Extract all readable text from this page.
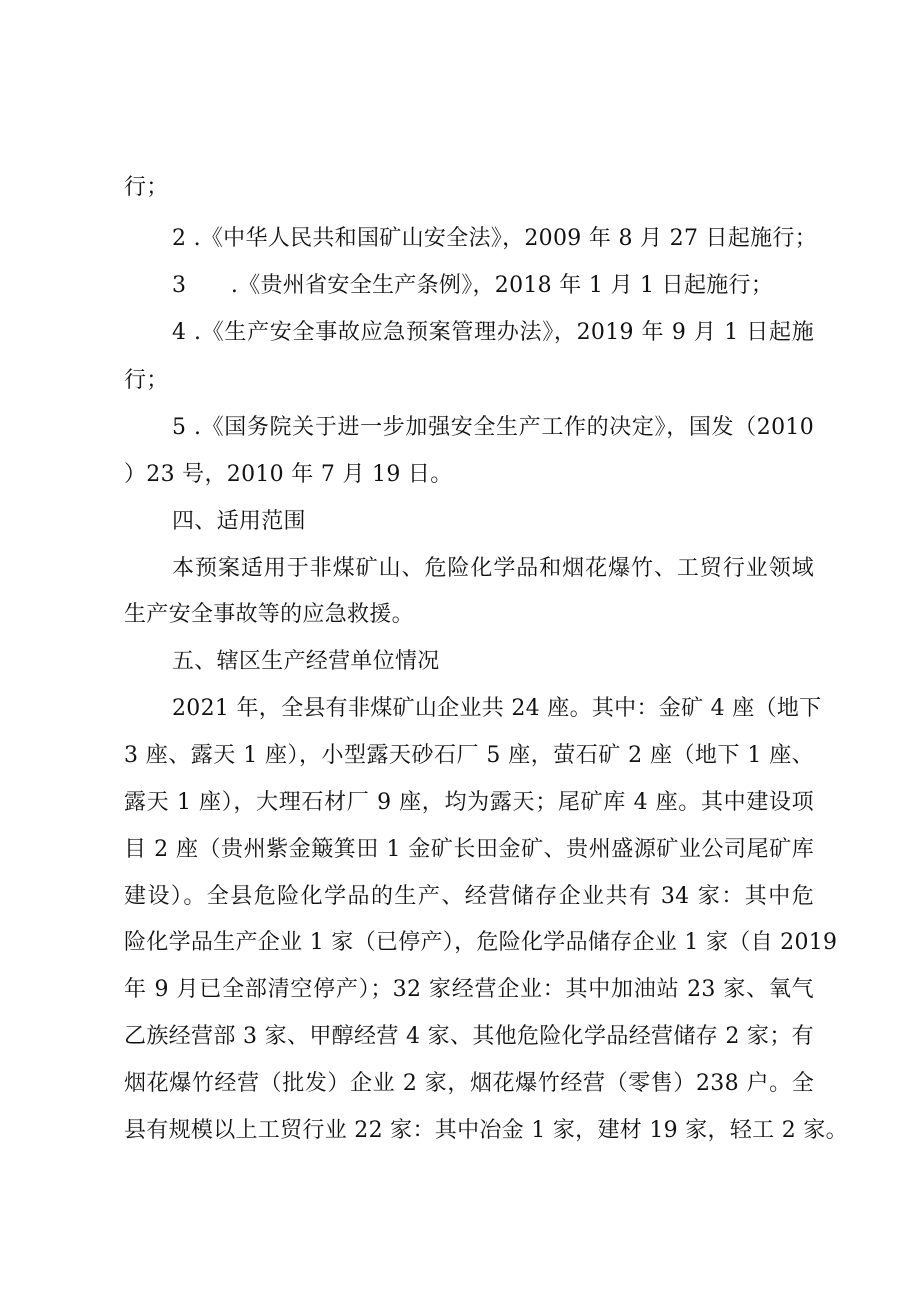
行；
2 .《中华人民共和国矿山安全法》，2009 年 8 月 27 日起施行；
3　　.《贵州省安全生产条例》，2018 年 1 月 1 日起施行；
4 .《生产安全事故应急预案管理办法》，2019 年 9 月 1 日起施
行；
5 .《国务院关于进一步加强安全生产工作的决定》，国发（2010
）23 号，2010 年 7 月 19 日。
四、适用范围
本预案适用于非煤矿山、危险化学品和烟花爆竹、工贸行业领域
生产安全事故等的应急救援。
五、辖区生产经营单位情况
2021 年，全县有非煤矿山企业共 24 座。其中：金矿 4 座（地下
3 座、露天 1 座），小型露天砂石厂 5 座，萤石矿 2 座（地下 1 座、
露天 1 座），大理石材厂 9 座，均为露天；尾矿库 4 座。其中建设项
目 2 座（贵州紫金簸箕田 1 金矿长田金矿、贵州盛源矿业公司尾矿库
建设）。全县危险化学品的生产、经营储存企业共有 34 家：其中危
险化学品生产企业 1 家（已停产），危险化学品储存企业 1 家（自 2019
年 9 月已全部清空停产）；32 家经营企业：其中加油站 23 家、氧气
乙族经营部 3 家、甲醇经营 4 家、其他危险化学品经营储存 2 家；有
烟花爆竹经营（批发）企业 2 家，烟花爆竹经营（零售）238 户。全
县有规模以上工贸行业 22 家：其中冶金 1 家，建材 19 家，轻工 2 家。
